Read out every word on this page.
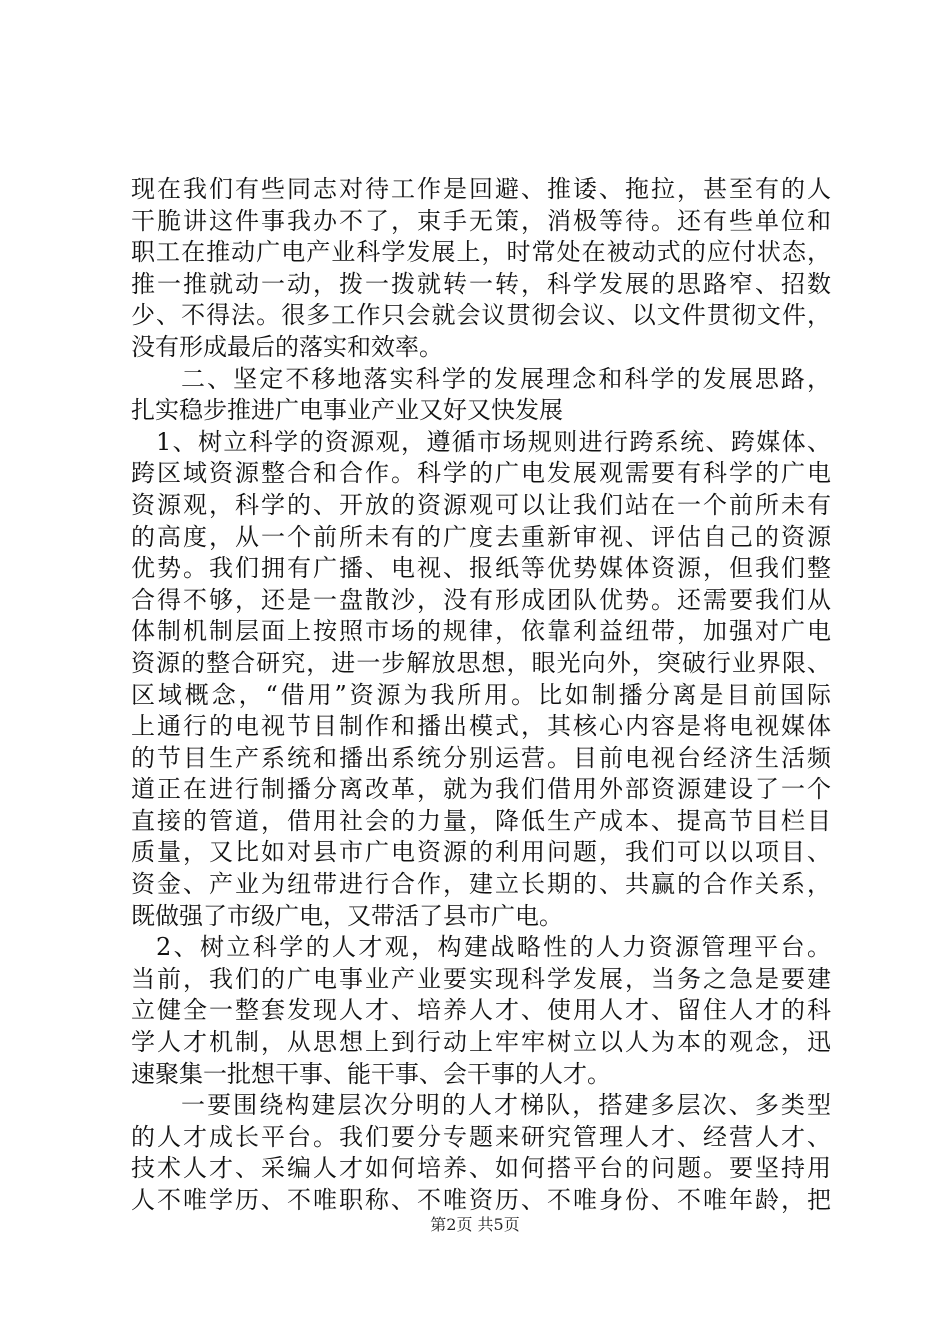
现在我们有些同志对待工作是回避、推诿、拖拉，甚至有的人
干脆讲这件事我办不了，束手无策，消极等待。还有些单位和
职工在推动广电产业科学发展上，时常处在被动式的应付状态，
推一推就动一动，拨一拨就转一转，科学发展的思路窄、招数
少、不得法。很多工作只会就会议贯彻会议、以文件贯彻文件，
没有形成最后的落实和效率。
二、坚定不移地落实科学的发展理念和科学的发展思路，
扎实稳步推进广电事业产业又好又快发展
1、树立科学的资源观，遵循市场规则进行跨系统、跨媒体、
跨区域资源整合和合作。科学的广电发展观需要有科学的广电
资源观，科学的、开放的资源观可以让我们站在一个前所未有
的高度，从一个前所未有的广度去重新审视、评估自己的资源
优势。我们拥有广播、电视、报纸等优势媒体资源，但我们整
合得不够，还是一盘散沙，没有形成团队优势。还需要我们从
体制机制层面上按照市场的规律，依靠利益纽带，加强对广电
资源的整合研究，进一步解放思想，眼光向外，突破行业界限、
区域概念，“借用”资源为我所用。比如制播分离是目前国际
上通行的电视节目制作和播出模式，其核心内容是将电视媒体
的节目生产系统和播出系统分别运营。目前电视台经济生活频
道正在进行制播分离改革，就为我们借用外部资源建设了一个
直接的管道，借用社会的力量，降低生产成本、提高节目栏目
质量，又比如对县市广电资源的利用问题，我们可以以项目、
资金、产业为纽带进行合作，建立长期的、共赢的合作关系，
既做强了市级广电，又带活了县市广电。
2、树立科学的人才观，构建战略性的人力资源管理平台。
当前，我们的广电事业产业要实现科学发展，当务之急是要建
立健全一整套发现人才、培养人才、使用人才、留住人才的科
学人才机制，从思想上到行动上牢牢树立以人为本的观念，迅
速聚集一批想干事、能干事、会干事的人才。
一要围绕构建层次分明的人才梯队，搭建多层次、多类型
的人才成长平台。我们要分专题来研究管理人才、经营人才、
技术人才、采编人才如何培养、如何搭平台的问题。要坚持用
人不唯学历、不唯职称、不唯资历、不唯身份、不唯年龄，把
第2页 共5页
